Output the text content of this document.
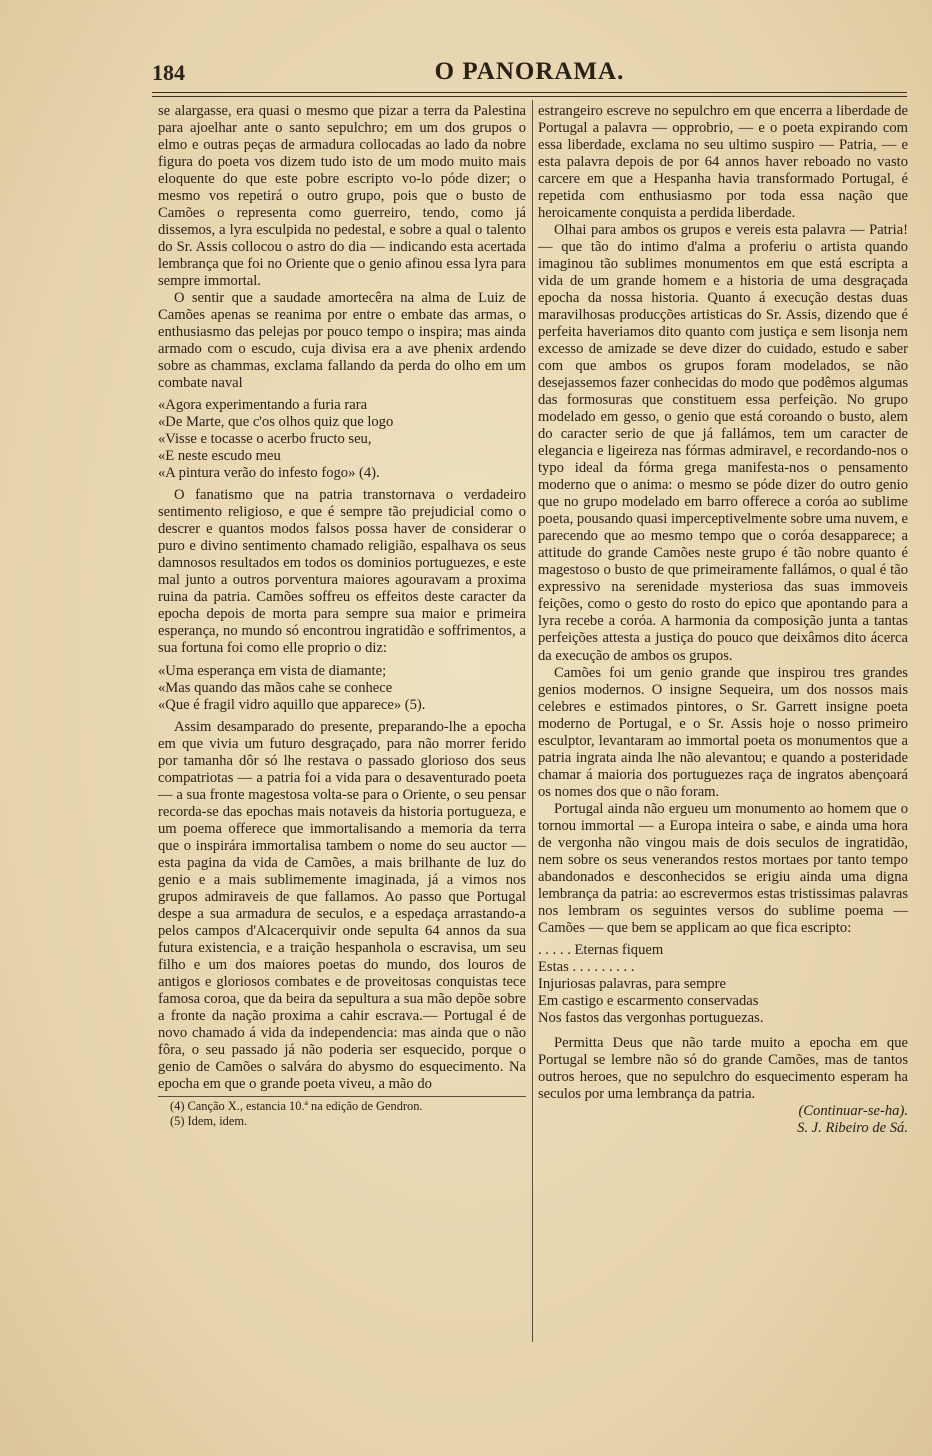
184	O PANORAMA.

se alargasse, era quasi o mesmo que pizar a terra da Palestina para ajoelhar ante o santo sepulchro; em um dos grupos o elmo e outras peças de armadura collocadas ao lado da nobre figura do poeta vos dizem tudo isto de um modo muito mais eloquente do que este pobre escripto vo-lo póde dizer; o mesmo vos repetirá o outro grupo, pois que o busto de Camões o representa como guerreiro, tendo, como já dissemos, a lyra esculpida no pedestal, e sobre a qual o talento do Sr. Assis collocou o astro do dia — indicando esta acertada lembrança que foi no Oriente que o genio afinou essa lyra para sempre immortal.

O sentir que a saudade amortecêra na alma de Luiz de Camões apenas se reanima por entre o embate das armas, o enthusiasmo das pelejas por pouco tempo o inspira; mas ainda armado com o escudo, cuja divisa era a ave phenix ardendo sobre as chammas, exclama fallando da perda do olho em um combate naval

«Agora experimentando a furia rara
«De Marte, que c'os olhos quiz que logo
«Visse e tocasse o acerbo fructo seu,
«E neste escudo meu
«A pintura verão do infesto fogo» (4).

O fanatismo que na patria transtornava o verdadeiro sentimento religioso, e que é sempre tão prejudicial como o descrer e quantos modos falsos possa haver de considerar o puro e divino sentimento chamado religião, espalhava os seus damnosos resultados em todos os dominios portuguezes, e este mal junto a outros porventura maiores agouravam a proxima ruina da patria. Camões soffreu os effeitos deste caracter da epocha depois de morta para sempre sua maior e primeira esperança, no mundo só encontrou ingratidão e soffrimentos, a sua fortuna foi como elle proprio o diz:

«Uma esperança em vista de diamante;
«Mas quando das mãos cahe se conhece
«Que é fragil vidro aquillo que apparece» (5).

Assim desamparado do presente, preparando-lhe a epocha em que vivia um futuro desgraçado, para não morrer ferido por tamanha dôr só lhe restava o passado glorioso dos seus compatriotas — a patria foi a vida para o desaventurado poeta — a sua fronte magestosa volta-se para o Oriente, o seu pensar recorda-se das epochas mais notaveis da historia portugueza, e um poema offerece que immortalisando a memoria da terra que o inspirára immortalisa tambem o nome do seu auctor — esta pagina da vida de Camões, a mais brilhante de luz do genio e a mais sublimemente imaginada, já a vimos nos grupos admiraveis de que fallamos. Ao passo que Portugal despe a sua armadura de seculos, e a espedaça arrastando-a pelos campos d'Alcacerquivir onde sepulta 64 annos da sua futura existencia, e a traição hespanhola o escravisa, um seu filho e um dos maiores poetas do mundo, dos louros de antigos e gloriosos combates e de proveitosas conquistas tece famosa coroa, que da beira da sepultura a sua mão depõe sobre a fronte da nação proxima a cahir escrava.— Portugal é de novo chamado á vida da independencia: mas ainda que o não fôra, o seu passado já não poderia ser esquecido, porque o genio de Camões o salvára do abysmo do esquecimento. Na epocha em que o grande poeta viveu, a mão do

(4) Canção X., estancia 10.ª na edição de Gendron.
(5) Idem, idem.

estrangeiro escreve no sepulchro em que encerra a liberdade de Portugal a palavra — opprobrio, — e o poeta expirando com essa liberdade, exclama no seu ultimo suspiro — Patria, — e esta palavra depois de por 64 annos haver reboado no vasto carcere em que a Hespanha havia transformado Portugal, é repetida com enthusiasmo por toda essa nação que heroicamente conquista a perdida liberdade.

Olhai para ambos os grupos e vereis esta palavra — Patria! — que tão do intimo d'alma a proferiu o artista quando imaginou tão sublimes monumentos em que está escripta a vida de um grande homem e a historia de uma desgraçada epocha da nossa historia. Quanto á execução destas duas maravilhosas producções artisticas do Sr. Assis, dizendo que é perfeita haveriamos dito quanto com justiça e sem lisonja nem excesso de amizade se deve dizer do cuidado, estudo e saber com que ambos os grupos foram modelados, se não desejassemos fazer conhecidas do modo que podêmos algumas das formosuras que constituem essa perfeição. No grupo modelado em gesso, o genio que está coroando o busto, alem do caracter serio de que já fallámos, tem um caracter de elegancia e ligeireza nas fórmas admiravel, e recordando-nos o typo ideal da fórma grega manifesta-nos o pensamento moderno que o anima: o mesmo se póde dizer do outro genio que no grupo modelado em barro offerece a coróa ao sublime poeta, pousando quasi imperceptivelmente sobre uma nuvem, e parecendo que ao mesmo tempo que o coróa desapparece; a attitude do grande Camões neste grupo é tão nobre quanto é magestoso o busto de que primeiramente fallámos, o qual é tão expressivo na serenidade mysteriosa das suas immoveis feições, como o gesto do rosto do epico que apontando para a lyra recebe a coróa. A harmonia da composição junta a tantas perfeições attesta a justiça do pouco que deixâmos dito ácerca da execução de ambos os grupos.

Camões foi um genio grande que inspirou tres grandes genios modernos. O insigne Sequeira, um dos nossos mais celebres e estimados pintores, o Sr. Garrett insigne poeta moderno de Portugal, e o Sr. Assis hoje o nosso primeiro esculptor, levantaram ao immortal poeta os monumentos que a patria ingrata ainda lhe não alevantou; e quando a posteridade chamar á maioria dos portuguezes raça de ingratos abençoará os nomes dos que o não foram.

Portugal ainda não ergueu um monumento ao homem que o tornou immortal — a Europa inteira o sabe, e ainda uma hora de vergonha não vingou mais de dois seculos de ingratidão, nem sobre os seus venerandos restos mortaes por tanto tempo abandonados e desconhecidos se erigiu ainda uma digna lembrança da patria: ao escrevermos estas tristissimas palavras nos lembram os seguintes versos do sublime poema — Camões — que bem se applicam ao que fica escripto:

. . . . . Eternas fiquem
Estas . . . . . . . . .
Injuriosas palavras, para sempre
Em castigo e escarmento conservadas
Nos fastos das vergonhas portuguezas.

Permitta Deus que não tarde muito a epocha em que Portugal se lembre não só do grande Camões, mas de tantos outros heroes, que no sepulchro do esquecimento esperam ha seculos por uma lembrança da patria.

(Continuar-se-ha).
S. J. Ribeiro de Sá.
